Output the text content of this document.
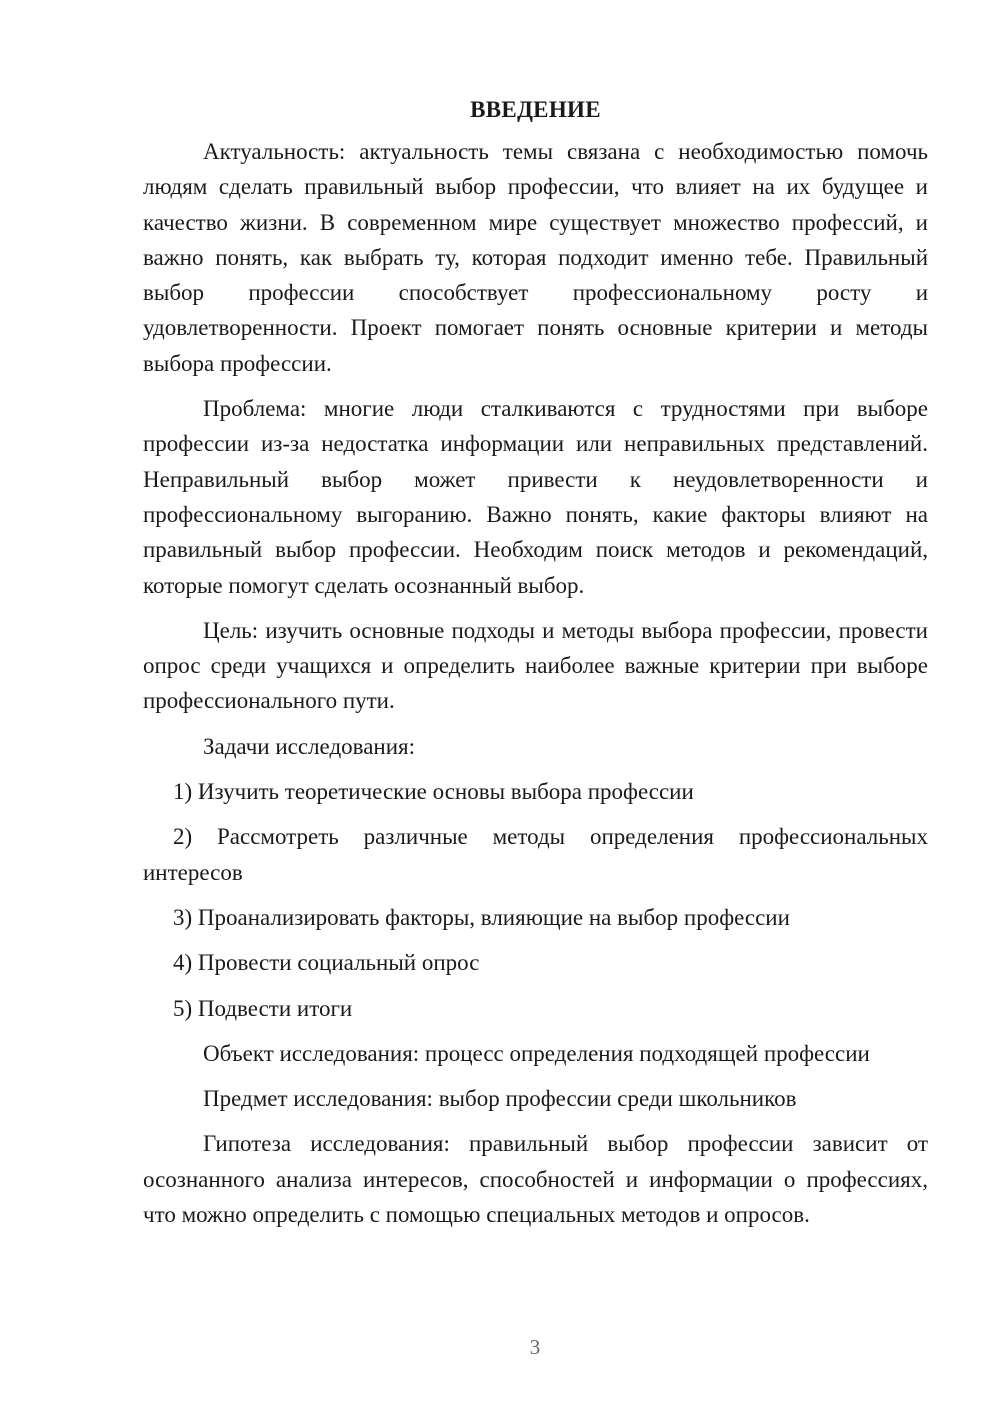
ВВЕДЕНИЕ

Актуальность: актуальность темы связана с необходимостью помочь людям сделать правильный выбор профессии, что влияет на их будущее и качество жизни. В современном мире существует множество профессий, и важно понять, как выбрать ту, которая подходит именно тебе. Правильный выбор профессии способствует профессиональному росту и удовлетворенности. Проект помогает понять основные критерии и методы выбора профессии.

Проблема: многие люди сталкиваются с трудностями при выборе профессии из-за недостатка информации или неправильных представлений. Неправильный выбор может привести к неудовлетворенности и профессиональному выгоранию. Важно понять, какие факторы влияют на правильный выбор профессии. Необходим поиск методов и рекомендаций, которые помогут сделать осознанный выбор.

Цель: изучить основные подходы и методы выбора профессии, провести опрос среди учащихся и определить наиболее важные критерии при выборе профессионального пути.

Задачи исследования:

1) Изучить теоретические основы выбора профессии

2) Рассмотреть различные методы определения профессиональных интересов

3) Проанализировать факторы, влияющие на выбор профессии

4) Провести социальный опрос

5) Подвести итоги

Объект исследования: процесс определения подходящей профессии

Предмет исследования: выбор профессии среди школьников

Гипотеза исследования: правильный выбор профессии зависит от осознанного анализа интересов, способностей и информации о профессиях, что можно определить с помощью специальных методов и опросов.

3
